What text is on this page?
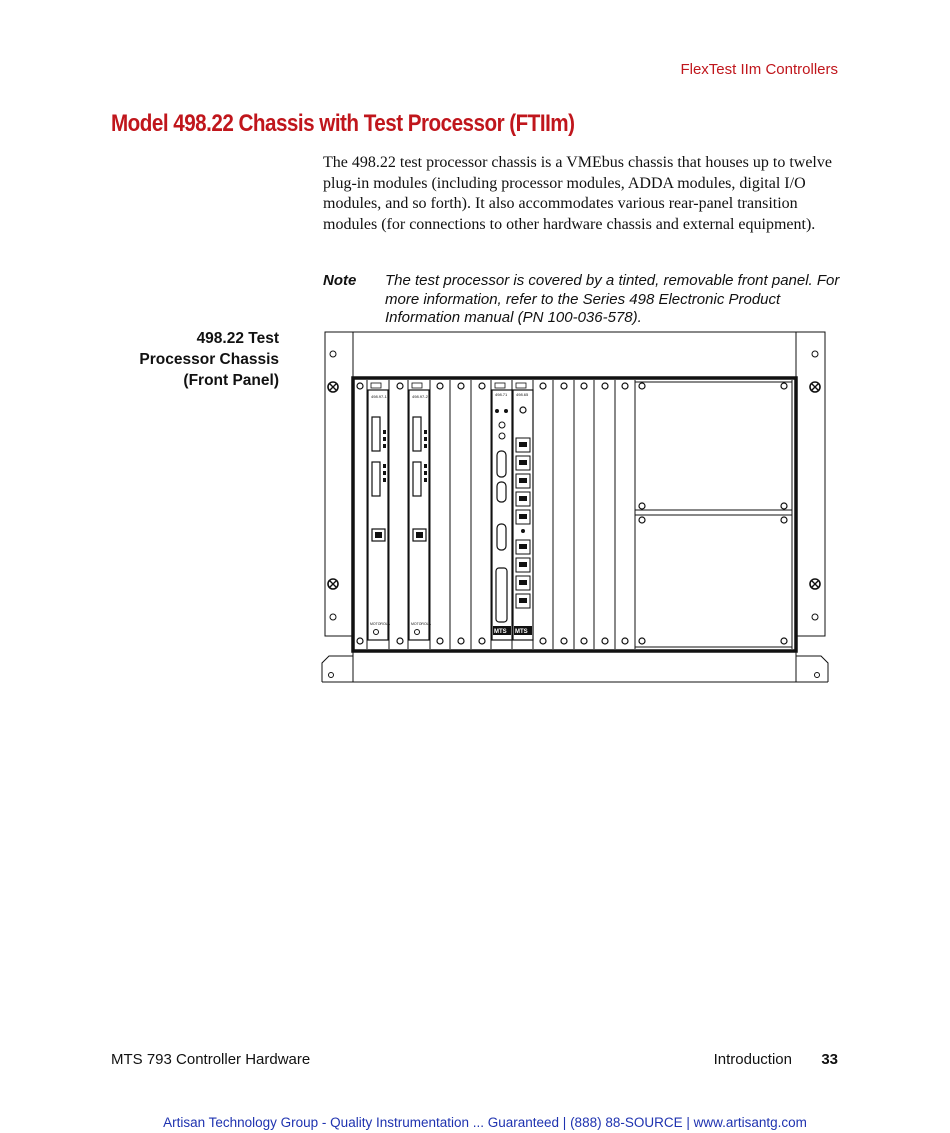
FlexTest IIm Controllers
Model 498.22 Chassis with Test Processor (FTIIm)
The 498.22 test processor chassis is a VMEbus chassis that houses up to twelve plug-in modules (including processor modules, ADDA modules, digital I/O modules, and so forth). It also accommodates various rear-panel transition modules (for connections to other hardware chassis and external equipment).
Note The test processor is covered by a tinted, removable front panel. For more information, refer to the Series 498 Electronic Product Information manual (PN 100-036-578).
498.22 Test
Processor Chassis
(Front Panel)
498.97-1
MOTOROLA
498.97-2
MOTOROLA
498.71
MTS
498.65
MTS
MTS 793 Controller Hardware	Introduction 33
Artisan Technology Group - Quality Instrumentation ... Guaranteed | (888) 88-SOURCE | www.artisantg.com
